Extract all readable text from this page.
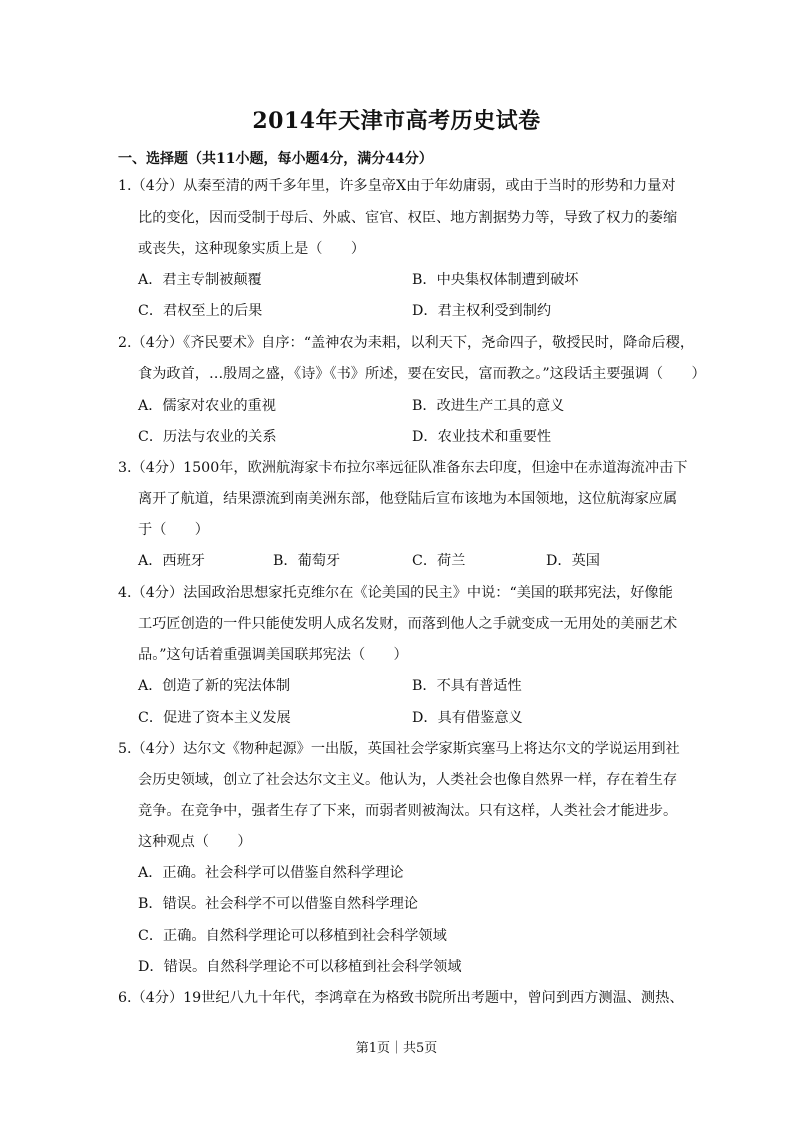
2014年天津市高考历史试卷
一、选择题（共11小题，每小题4分，满分44分）
1.（4分）从秦至清的两千多年里，许多皇帝X由于年幼庸弱，或由于当时的形势和力量对
比的变化，因而受制于母后、外戚、宦官、权臣、地方割据势力等，导致了权力的萎缩
或丧失，这种现象实质上是（　　）
A．君主专制被颠覆	B．中央集权体制遭到破坏
C．君权至上的后果	D．君主权利受到制约
2.（4分）《齐民要术》自序：“盖神农为耒耜，以利天下，尧命四子，敬授民时，降命后稷，
食为政首，…殷周之盛，《诗》《书》所述，要在安民，富而教之。”这段话主要强调（　　）
A．儒家对农业的重视	B．改进生产工具的意义
C．历法与农业的关系	D．农业技术和重要性
3.（4分）1500年，欧洲航海家卡布拉尔率远征队准备东去印度，但途中在赤道海流冲击下
离开了航道，结果漂流到南美洲东部，他登陆后宣布该地为本国领地，这位航海家应属
于（　　）
A．西班牙	B．葡萄牙	C．荷兰	D．英国
4.（4分）法国政治思想家托克维尔在《论美国的民主》中说：“美国的联邦宪法，好像能
工巧匠创造的一件只能使发明人成名发财，而落到他人之手就变成一无用处的美丽艺术
品。”这句话着重强调美国联邦宪法（　　）
A．创造了新的宪法体制	B．不具有普适性
C．促进了资本主义发展	D．具有借鉴意义
5.（4分）达尔文《物种起源》一出版，英国社会学家斯宾塞马上将达尔文的学说运用到社
会历史领域，创立了社会达尔文主义。他认为，人类社会也像自然界一样，存在着生存
竞争。在竞争中，强者生存了下来，而弱者则被淘汰。只有这样，人类社会才能进步。
这种观点（　　）
A．正确。社会科学可以借鉴自然科学理论
B．错误。社会科学不可以借鉴自然科学理论
C．正确。自然科学理论可以移植到社会科学领域
D．错误。自然科学理论不可以移植到社会科学领域
6.（4分）19世纪八九十年代，李鸿章在为格致书院所出考题中，曾问到西方测温、测热、
第1页｜共5页
